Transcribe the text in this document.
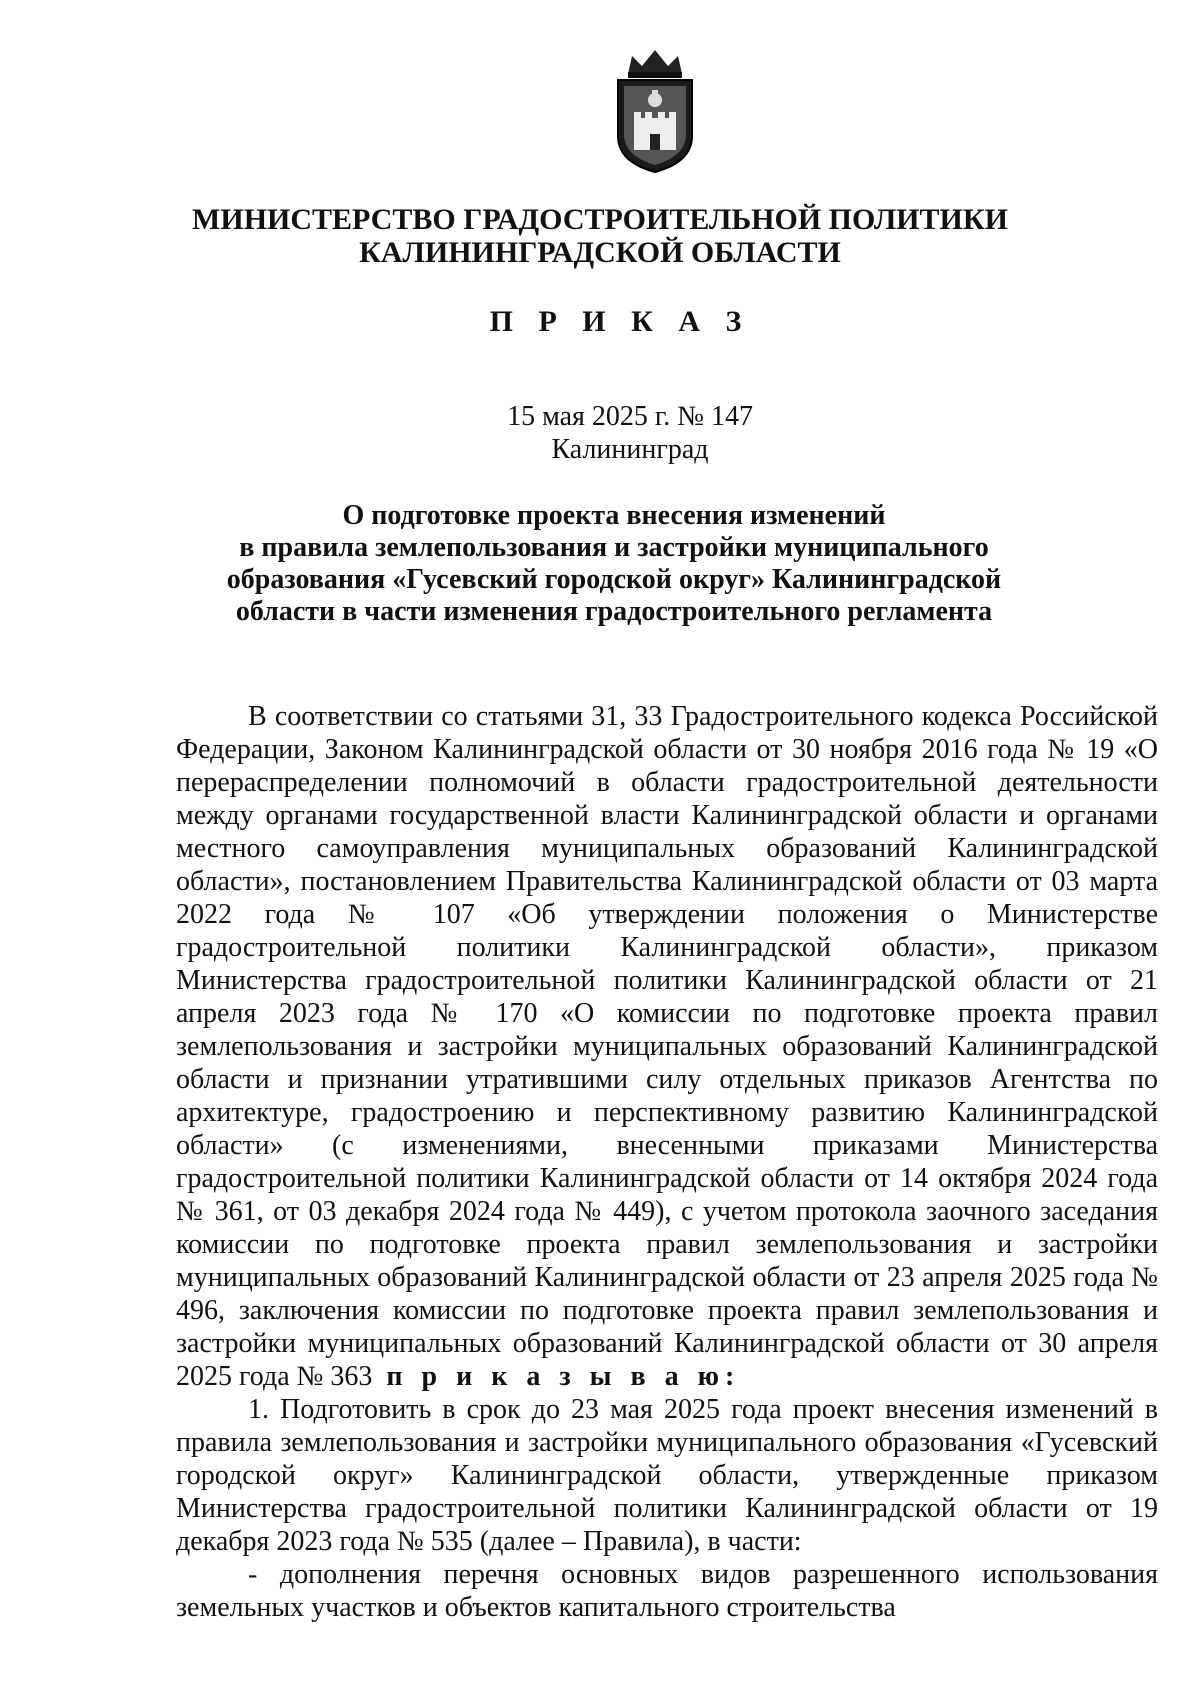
МИНИСТЕРСТВО ГРАДОСТРОИТЕЛЬНОЙ ПОЛИТИКИ
КАЛИНИНГРАДСКОЙ ОБЛАСТИ
П Р И К А З
15 мая 2025 г. № 147
Калининград
О подготовке проекта внесения изменений
в правила землепользования и застройки муниципального
образования «Гусевский городской округ» Калининградской
области в части изменения градостроительного регламента

В соответствии со статьями 31, 33 Градостроительного кодекса Российской Федерации, Законом Калининградской области от 30 ноября 2016 года № 19 «О перераспределении полномочий в области градостроительной деятельности между органами государственной власти Калининградской области и органами местного самоуправления муниципальных образований Калининградской области», постановлением Правительства Калининградской области от 03 марта 2022 года № 107 «Об утверждении положения о Министерстве градостроительной политики Калининградской области», приказом Министерства градостроительной политики Калининградской области от 21 апреля 2023 года № 170 «О комиссии по подготовке проекта правил землепользования и застройки муниципальных образований Калининградской области и признании утратившими силу отдельных приказов Агентства по архитектуре, градостроению и перспективному развитию Калининградской области» (с изменениями, внесенными приказами Министерства градостроительной политики Калининградской области от 14 октября 2024 года № 361, от 03 декабря 2024 года № 449), с учетом протокола заочного заседания комиссии по подготовке проекта правил землепользования и застройки муниципальных образований Калининградской области от 23 апреля 2025 года № 496, заключения комиссии по подготовке проекта правил землепользования и застройки муниципальных образований Калининградской области от 30 апреля 2025 года № 363 п р и к а з ы в а ю:

1. Подготовить в срок до 23 мая 2025 года проект внесения изменений в правила землепользования и застройки муниципального образования «Гусевский городской округ» Калининградской области, утвержденные приказом Министерства градостроительной политики Калининградской области от 19 декабря 2023 года № 535 (далее – Правила), в части:

- дополнения перечня основных видов разрешенного использования земельных участков и объектов капитального строительства
